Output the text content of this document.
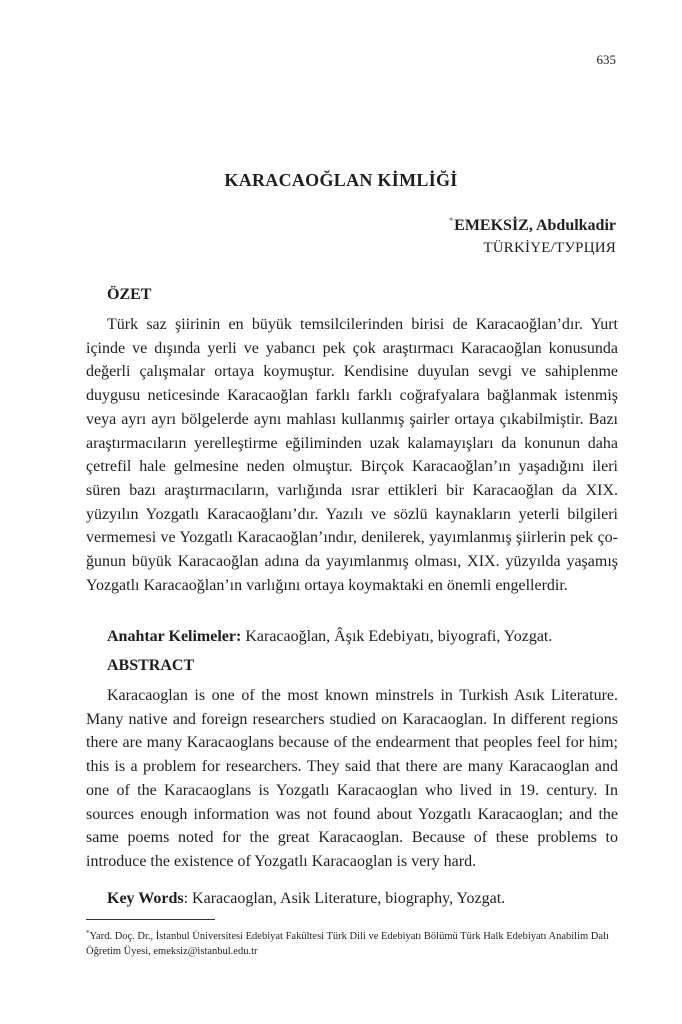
635
KARACAOĞLAN KİMLİĞİ
*EMEKSİZ, Abdulkadir
TÜRKİYE/ТУРЦИЯ
ÖZET
Türk saz şiirinin en büyük temsilcilerinden birisi de Karacaoğlan’dır. Yurt içinde ve dışında yerli ve yabancı pek çok araştırmacı Karacaoğlan konusunda değerli çalışmalar ortaya koymuştur. Kendisine duyulan sevgi ve sahiplenme duygusu neticesinde Karacaoğlan farklı farklı coğrafyalara bağlanmak istenmiş veya ayrı ayrı bölgelerde aynı mahlası kullanmış şairler ortaya çıkabilmiştir. Bazı araştırmacıların yerelleştirme eğiliminden uzak kalamayışları da konunun daha çetrefil hale gelmesine neden olmuştur. Birçok Karacaoğlan’ın yaşadığını ileri süren bazı araştırmacıların, varlığında ısrar ettikleri bir Karacaoğlan da XIX. yüzyılın Yozgatlı Karacaoğlanı’dır. Yazılı ve sözlü kaynakların yeterli bilgileri vermemesi ve Yozgatlı Karacaoğlan’ındır, denilerek, yayımlanmış şiirlerin pek çoğunun büyük Karacaoğlan adına da yayımlanmış olması, XIX. yüzyılda yaşamış Yozgatlı Karacaoğlan’ın varlığını ortaya koymaktaki en önemli engellerdir.
Anahtar Kelimeler: Karacaoğlan, Âşık Edebiyatı, biyografi, Yozgat.
ABSTRACT
Karacaoglan is one of the most known minstrels in Turkish Asık Literature. Many native and foreign researchers studied on Karacaoglan. In different regions there are many Karacaoglans because of the endearment that peoples feel for him; this is a problem for researchers. They said that there are many Karacaoglan and one of the Karacaoglans is Yozgatlı Karacaoglan who lived in 19. century. In sources enough information was not found about Yozgatlı Karacaoglan; and the same poems noted for the great Karacaoglan. Because of these problems to introduce the existence of Yozgatlı Karacaoglan is very hard.
Key Words: Karacaoglan, Asik Literature, biography, Yozgat.
*Yard. Doç. Dr., İstanbul Üniversitesi Edebiyat Fakültesi Türk Dili ve Edebiyatı Bölümü Türk Halk Edebiyatı Anabilim Dalı Öğretim Üyesi, emeksiz@istanbul.edu.tr
